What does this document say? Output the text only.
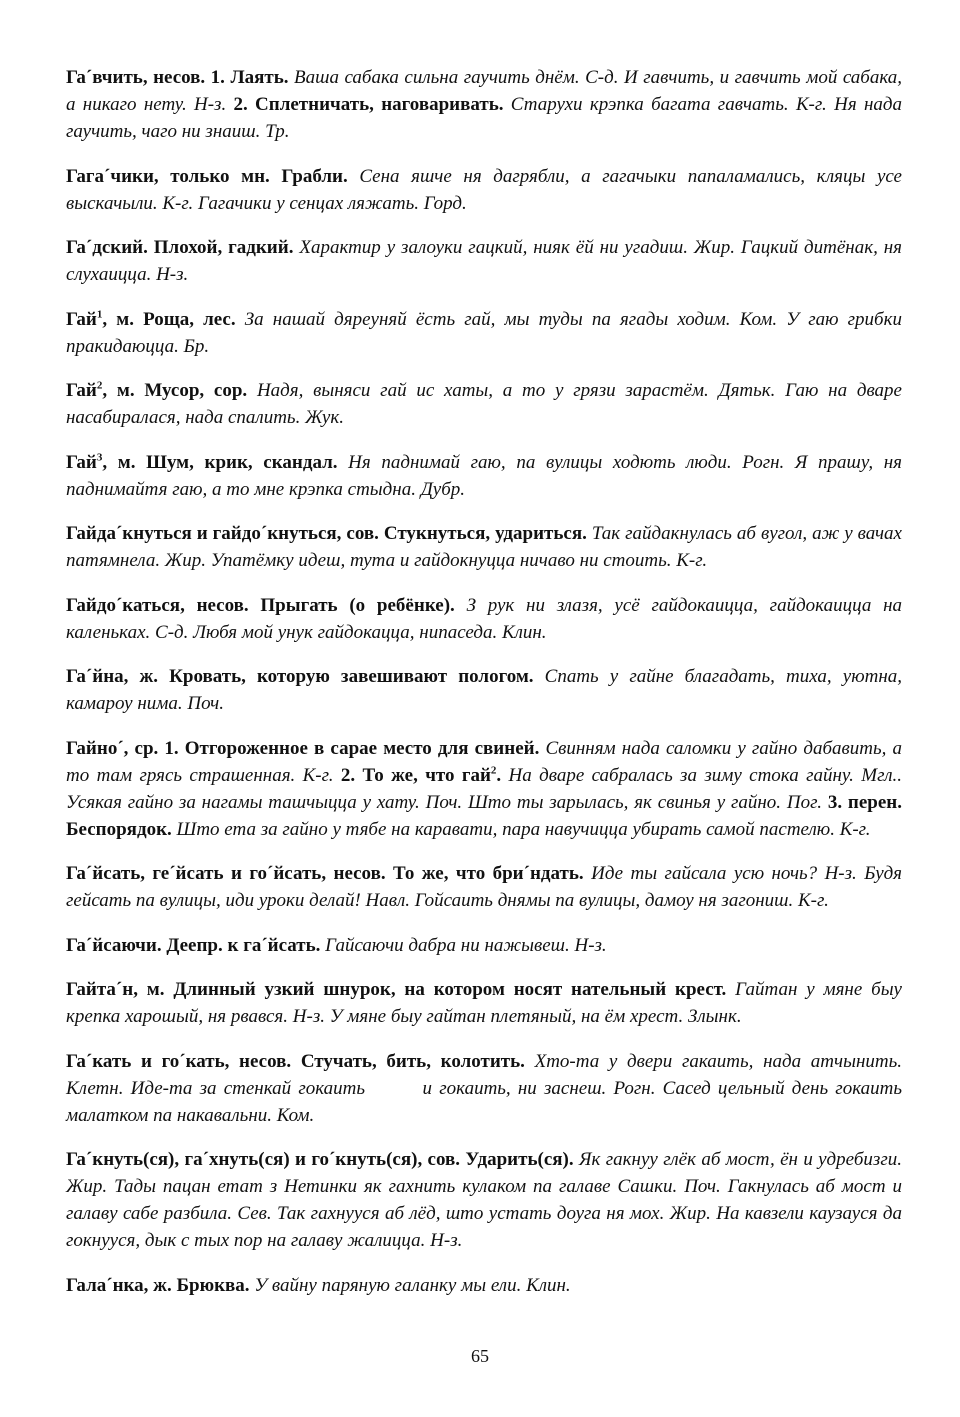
Га´вчить, несов. 1. Лаять. Ваша сабака сильна гаучить днём. С-д. И гавчить, и гавчить мой сабака, а никаго нету. Н-з. 2. Сплетничать, наговаривать. Старухи крэпка багата гавчать. К-г. Ня нада гаучить, чаго ни знаиш. Тр.

Гага´чики, только мн. Грабли. Сена яшче ня дагрябли, а гагачыки папаламались, кляцы усе выскачыли. К-г. Гагачики у сенцах ляжать. Горд.

Га´дский. Плохой, гадкий. Характир у залоуки гацкий, нияк ёй ни угадиш. Жир. Гацкий дитёнак, ня слухаицца. Н-з.

Гай$^1$, м. Роща, лес. За нашай дяреуняй ёсть гай, мы туды па ягады ходим. Ком. У гаю грибки пракидаюцца. Бр.

Гай$^2$, м. Мусор, сор. Надя, выняси гай ис хаты, а то у грязи зарастём. Дятьк. Гаю на дваре насабиралася, нада спалить. Жук.

Гай$^3$, м. Шум, крик, скандал. Ня паднимай гаю, па вулицы ходють люди. Рогн. Я прашу, ня паднимайтя гаю, а то мне крэпка стыдна. Дубр.

Гайда´кнуться и гайдо´кнуться, сов. Стукнуться, удариться. Так гайдакнулась аб вугол, аж у вачах патямнела. Жир. Упатёмку идеш, тута и гайдокнуцца ничаво ни стоить. К-г.

Гайдо´каться, несов. Прыгать (о ребёнке). З рук ни злазя, усё гайдокаицца, гайдокаицца на каленьках. С-д. Любя мой унук гайдокацца, нипаседа. Клин.

Га´йна, ж. Кровать, которую завешивают пологом. Спать у гайне благадать, тиха, уютна, камароу нима. Поч.

Гайно´, ср. 1. Отгороженное в сарае место для свиней. Свинням нада саломки у гайно дабавить, а то там грясь страшенная. К-г. 2. То же, что гай$^2$. На дваре сабралась за зиму стока гайну. Мгл.. Усякая гайно за нагамы ташчыцца у хату. Поч. Што ты зарылась, як свинья у гайно. Пог. 3. перен. Беспорядок. Што ета за гайно у тябе на каравати, пара навучицца убирать самой пастелю. К-г.

Га´йсать, ге´йсать и го´йсать, несов. То же, что бри´ндать. Иде ты гайсала усю ночь? Н-з. Будя гейсать па вулицы, иди уроки делай! Навл. Гойсаить днямы па вулицы, дамоу ня загониш. К-г.

Га´йсаючи. Деепр. к га´йсать. Гайсаючи дабра ни нажывеш. Н-з.

Гайта´н, м. Длинный узкий шнурок, на котором носят нательный крест. Гайтан у мяне быу крепка харошый, ня рвався. Н-з. У мяне быу гайтан плетяный, на ём хрест. Злынк.

Га´кать и го´кать, несов. Стучать, бить, колотить. Хто-та у двери гакаить, нада атчынить. Клетн. Иде-та за стенкай гокаить        и гокаить, ни заснеш. Рогн. Сасед цельный день гокаить малатком па накавальни. Ком.

Га´кнуть(ся), га´хнуть(ся) и го´кнуть(ся), сов. Ударить(ся). Як гакнуу глёк аб мост, ён и удребизги. Жир. Тады пацан етат з Нетинки як гахнить кулаком па галаве Сашки. Поч. Гакнулась аб мост и галаву сабе разбила. Сев. Так гахнууся аб лёд, што устать доуга ня мох. Жир. На кавзели каузауся да гокнууся, дык с тых пор на галаву жалицца. Н-з.

Гала´нка, ж. Брюква. У вайну паряную галанку мы ели. Клин.

65
